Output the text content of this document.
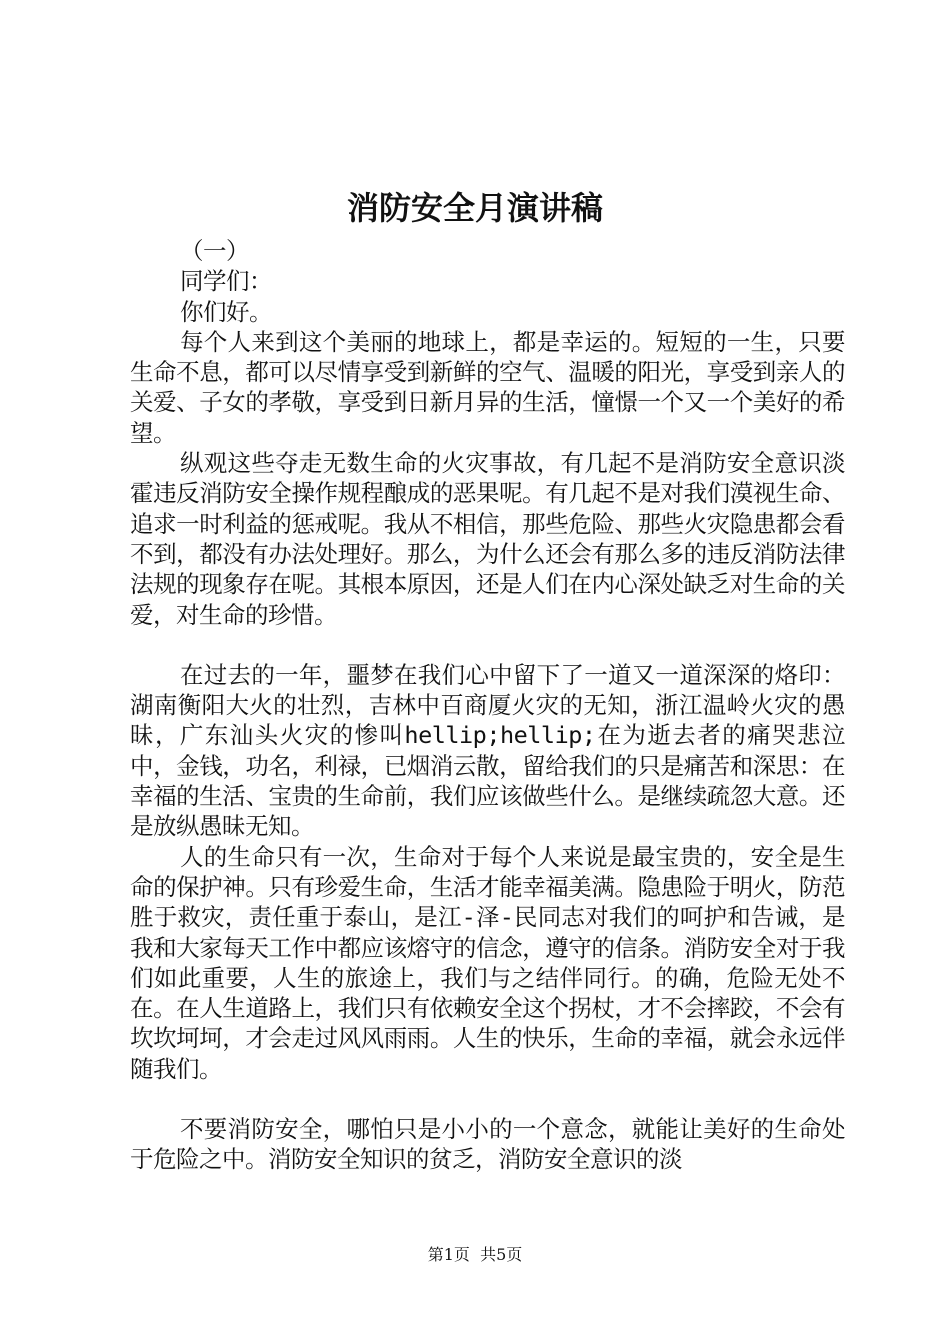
消防安全月演讲稿

（一）

同学们：

你们好。

每个人来到这个美丽的地球上，都是幸运的。短短的一生，只要生命不息，都可以尽情享受到新鲜的空气、温暖的阳光，享受到亲人的关爱、子女的孝敬，享受到日新月异的生活，憧憬一个又一个美好的希望。

纵观这些夺走无数生命的火灾事故，有几起不是消防安全意识淡霍违反消防安全操作规程酿成的恶果呢。有几起不是对我们漠视生命、追求一时利益的惩戒呢。我从不相信，那些危险、那些火灾隐患都会看不到，都没有办法处理好。那么，为什么还会有那么多的违反消防法律法规的现象存在呢。其根本原因，还是人们在内心深处缺乏对生命的关爱，对生命的珍惜。

在过去的一年，噩梦在我们心中留下了一道又一道深深的烙印：湖南衡阳大火的壮烈，吉林中百商厦火灾的无知，浙江温岭火灾的愚昧，广东汕头火灾的惨叫hellip;hellip;在为逝去者的痛哭悲泣中，金钱，功名，利禄，已烟消云散，留给我们的只是痛苦和深思：在幸福的生活、宝贵的生命前，我们应该做些什么。是继续疏忽大意。还是放纵愚昧无知。

人的生命只有一次，生命对于每个人来说是最宝贵的，安全是生命的保护神。只有珍爱生命，生活才能幸福美满。隐患险于明火，防范胜于救灾，责任重于泰山，是江-泽-民同志对我们的呵护和告诫，是我和大家每天工作中都应该熔守的信念，遵守的信条。消防安全对于我们如此重要，人生的旅途上，我们与之结伴同行。的确，危险无处不在。在人生道路上，我们只有依赖安全这个拐杖，才不会摔跤，不会有坎坎坷坷，才会走过风风雨雨。人生的快乐，生命的幸福，就会永远伴随我们。

不要消防安全，哪怕只是小小的一个意念，就能让美好的生命处于危险之中。消防安全知识的贫乏，消防安全意识的淡

第1页 共5页
